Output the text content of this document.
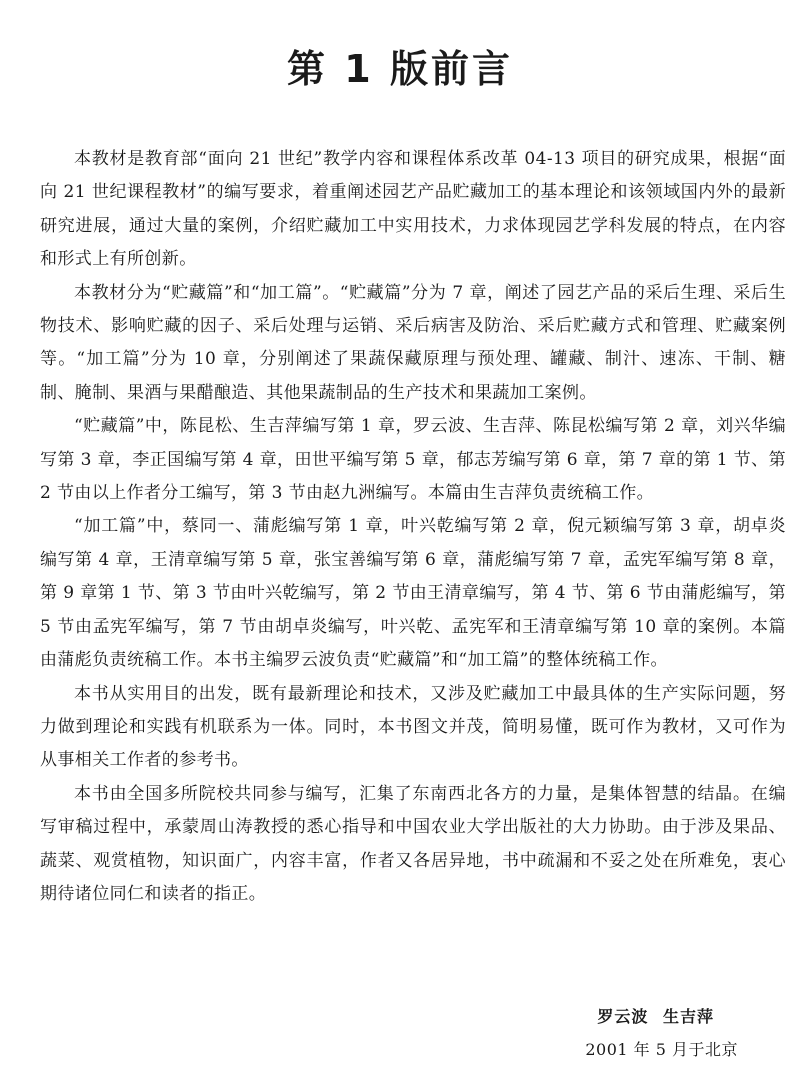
第 1 版前言

本教材是教育部“面向 21 世纪”教学内容和课程体系改革 04-13 项目的研究成果，根据“面向 21 世纪课程教材”的编写要求，着重阐述园艺产品贮藏加工的基本理论和该领域国内外的最新研究进展，通过大量的案例，介绍贮藏加工中实用技术，力求体现园艺学科发展的特点，在内容和形式上有所创新。

本教材分为“贮藏篇”和“加工篇”。“贮藏篇”分为 7 章，阐述了园艺产品的采后生理、采后生物技术、影响贮藏的因子、采后处理与运销、采后病害及防治、采后贮藏方式和管理、贮藏案例等。“加工篇”分为 10 章，分别阐述了果蔬保藏原理与预处理、罐藏、制汁、速冻、干制、糖制、腌制、果酒与果醋酿造、其他果蔬制品的生产技术和果蔬加工案例。

“贮藏篇”中，陈昆松、生吉萍编写第 1 章，罗云波、生吉萍、陈昆松编写第 2 章，刘兴华编写第 3 章，李正国编写第 4 章，田世平编写第 5 章，郁志芳编写第 6 章，第 7 章的第 1 节、第 2 节由以上作者分工编写，第 3 节由赵九洲编写。本篇由生吉萍负责统稿工作。

“加工篇”中，蔡同一、蒲彪编写第 1 章，叶兴乾编写第 2 章，倪元颖编写第 3 章，胡卓炎编写第 4 章，王清章编写第 5 章，张宝善编写第 6 章，蒲彪编写第 7 章，孟宪军编写第 8 章，第 9 章第 1 节、第 3 节由叶兴乾编写，第 2 节由王清章编写，第 4 节、第 6 节由蒲彪编写，第 5 节由孟宪军编写，第 7 节由胡卓炎编写，叶兴乾、孟宪军和王清章编写第 10 章的案例。本篇由蒲彪负责统稿工作。本书主编罗云波负责“贮藏篇”和“加工篇”的整体统稿工作。

本书从实用目的出发，既有最新理论和技术，又涉及贮藏加工中最具体的生产实际问题，努力做到理论和实践有机联系为一体。同时，本书图文并茂，简明易懂，既可作为教材，又可作为从事相关工作者的参考书。

本书由全国多所院校共同参与编写，汇集了东南西北各方的力量，是集体智慧的结晶。在编写审稿过程中，承蒙周山涛教授的悉心指导和中国农业大学出版社的大力协助。由于涉及果品、蔬菜、观赏植物，知识面广，内容丰富，作者又各居异地，书中疏漏和不妥之处在所难免，衷心期待诸位同仁和读者的指正。

罗云波 生吉萍
2001 年 5 月于北京
